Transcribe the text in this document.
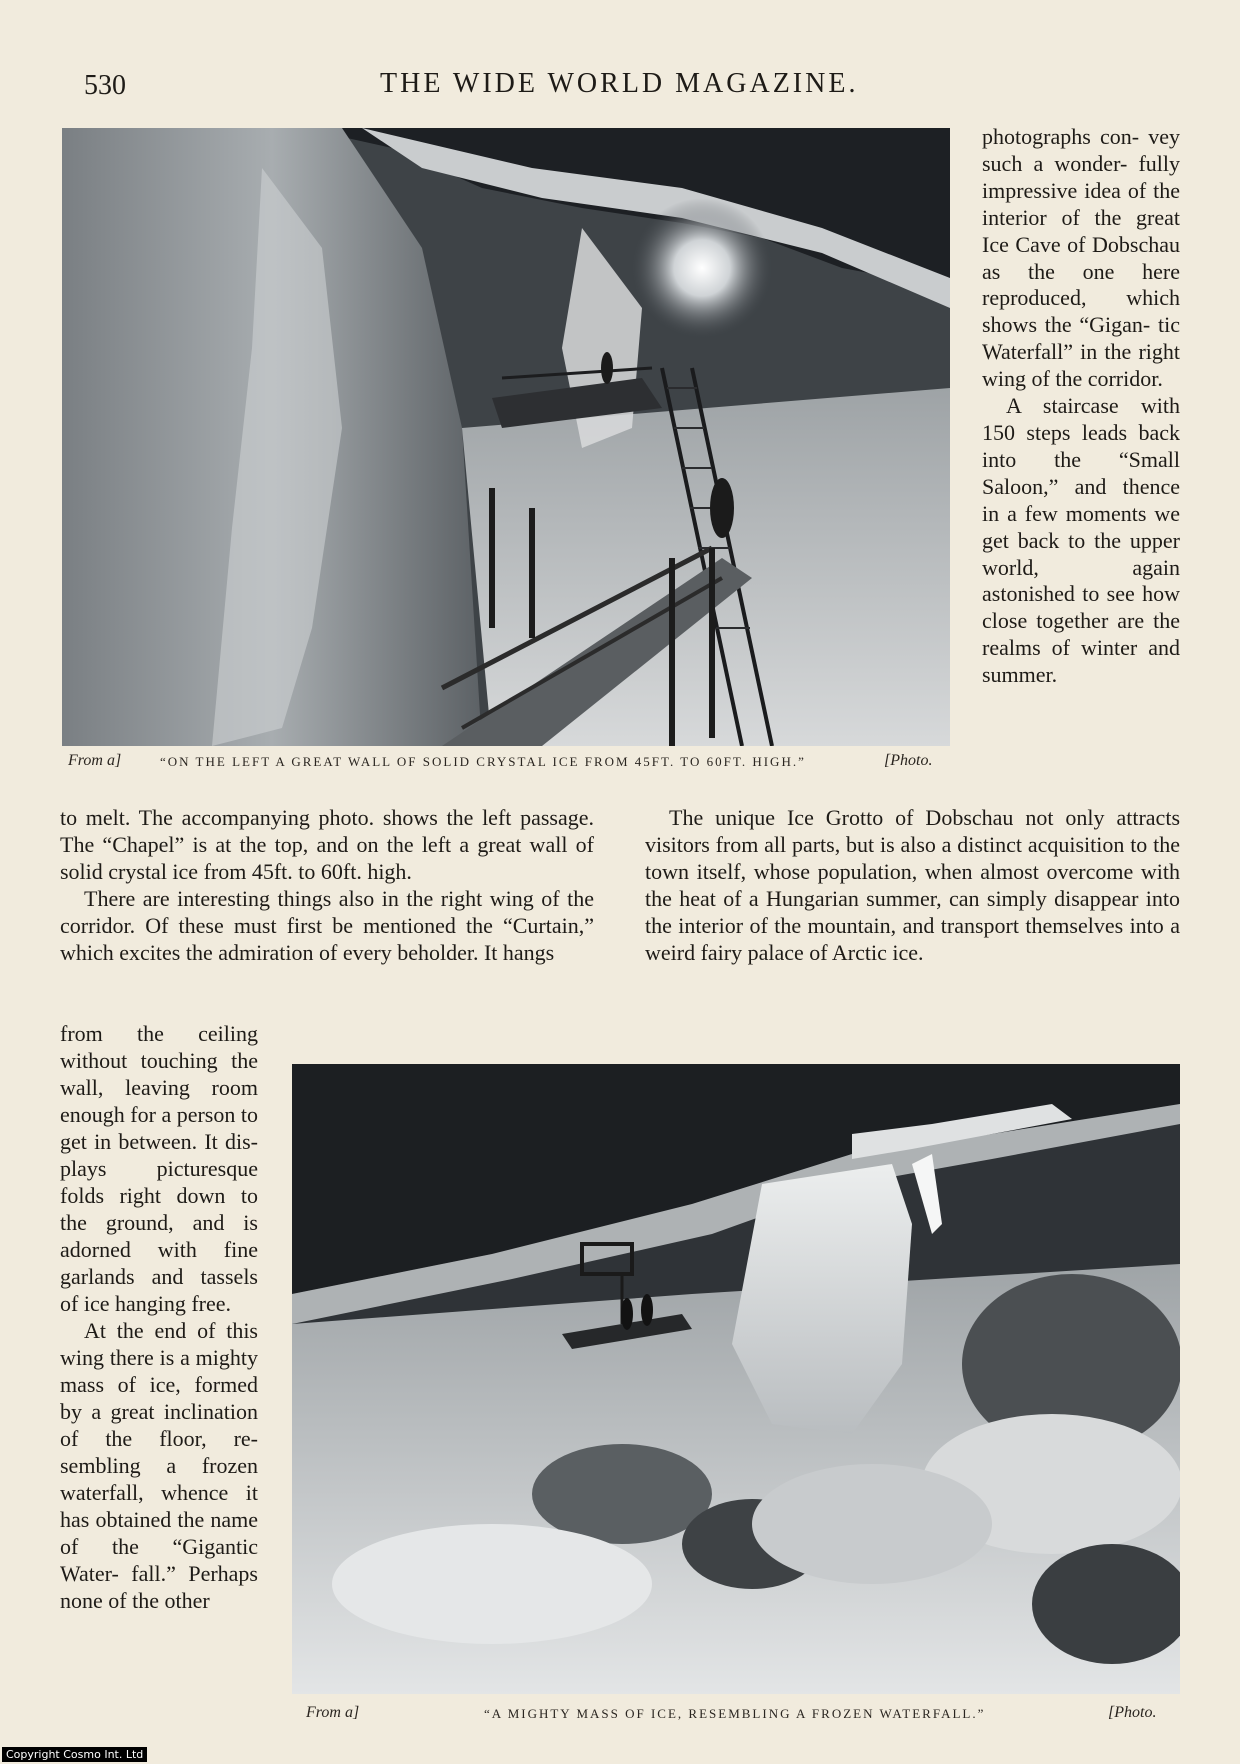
530	THE WIDE WORLD MAGAZINE.
From a]	“ON THE LEFT A GREAT WALL OF SOLID CRYSTAL ICE FROM 45FT. TO 60FT. HIGH.”	[Photo.

photographs con- vey such a wonder- fully impressive idea of the interior of the great Ice Cave of Dobschau as the one here reproduced, which shows the “Gigan- tic Waterfall” in the right wing of the corridor.

A staircase with 150 steps leads back into the “Small Saloon,” and thence in a few moments we get back to the upper world, again astonished to see how close together are the realms of winter and summer.

to melt. The accompanying photo. shows the left passage. The “Chapel” is at the top, and on the left a great wall of solid crystal ice from 45ft. to 60ft. high.

There are interesting things also in the right wing of the corridor. Of these must first be mentioned the “Curtain,” which excites the admiration of every beholder. It hangs

The unique Ice Grotto of Dobschau not only attracts visitors from all parts, but is also a distinct acquisition to the town itself, whose population, when almost overcome with the heat of a Hungarian summer, can simply disappear into the interior of the mountain, and transport themselves into a weird fairy palace of Arctic ice.

from the ceiling without touching the wall, leaving room enough for a person to get in between. It dis- plays picturesque folds right down to the ground, and is adorned with fine garlands and tassels of ice hanging free.

At the end of this wing there is a mighty mass of ice, formed by a great inclination of the floor, re- sembling a frozen waterfall, whence it has obtained the name of the “Gigantic Water- fall.” Perhaps none of the other

From a]	“A MIGHTY MASS OF ICE, RESEMBLING A FROZEN WATERFALL.”	[Photo.
Copyright Cosmo Int. Ltd
